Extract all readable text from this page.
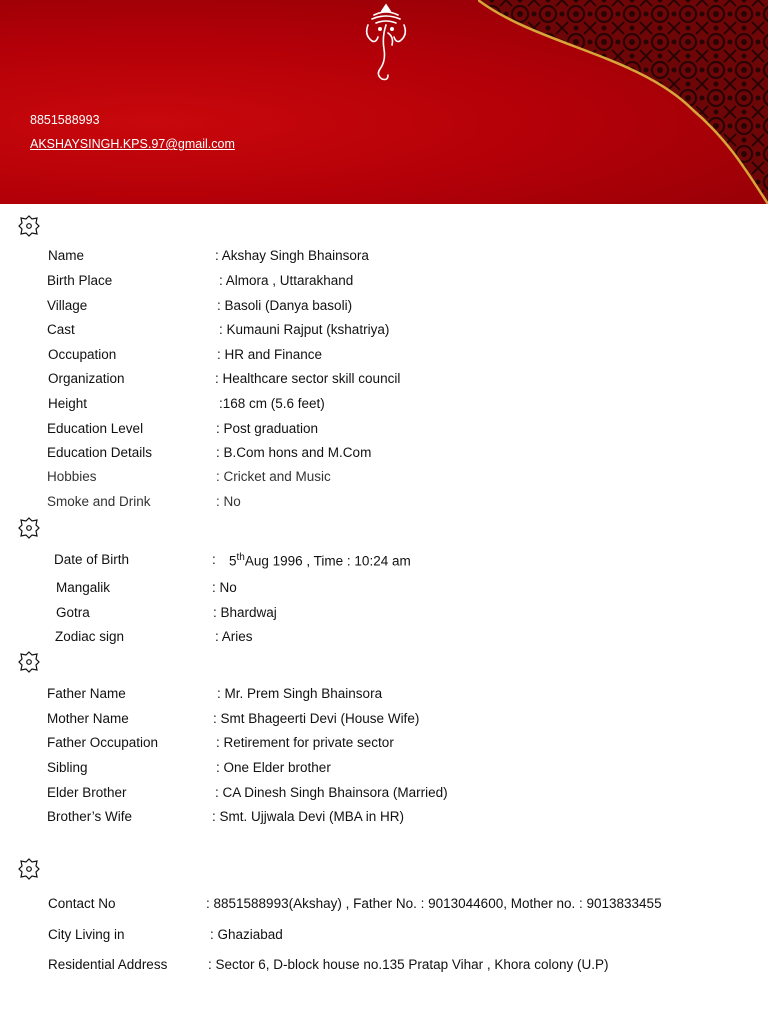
8851588993
AKSHAYSINGH.KPS.97@gmail.com
Name	: Akshay Singh Bhainsora
Birth Place	: Almora , Uttarakhand
Village	: Basoli (Danya basoli)
Cast	: Kumauni Rajput (kshatriya)
Occupation	: HR and Finance
Organization	: Healthcare sector skill council
Height	:168 cm (5.6 feet)
Education Level	: Post graduation
Education Details	: B.Com hons and M.Com
Hobbies	: Cricket and Music
Smoke and Drink	: No
Date of Birth	: 5thAug 1996 , Time : 10:24 am
Mangalik	: No
Gotra	: Bhardwaj
Zodiac sign	: Aries
Father Name	: Mr. Prem Singh Bhainsora
Mother Name	: Smt Bhageerti Devi (House Wife)
Father Occupation	: Retirement for private sector
Sibling	: One Elder brother
Elder Brother	: CA Dinesh Singh Bhainsora (Married)
Brother’s Wife	: Smt. Ujjwala Devi (MBA in HR)
Contact No	: 8851588993(Akshay) , Father No. : 9013044600, Mother no. : 9013833455
City Living in	: Ghaziabad
Residential Address	: Sector 6, D-block house no.135 Pratap Vihar , Khora colony (U.P)
